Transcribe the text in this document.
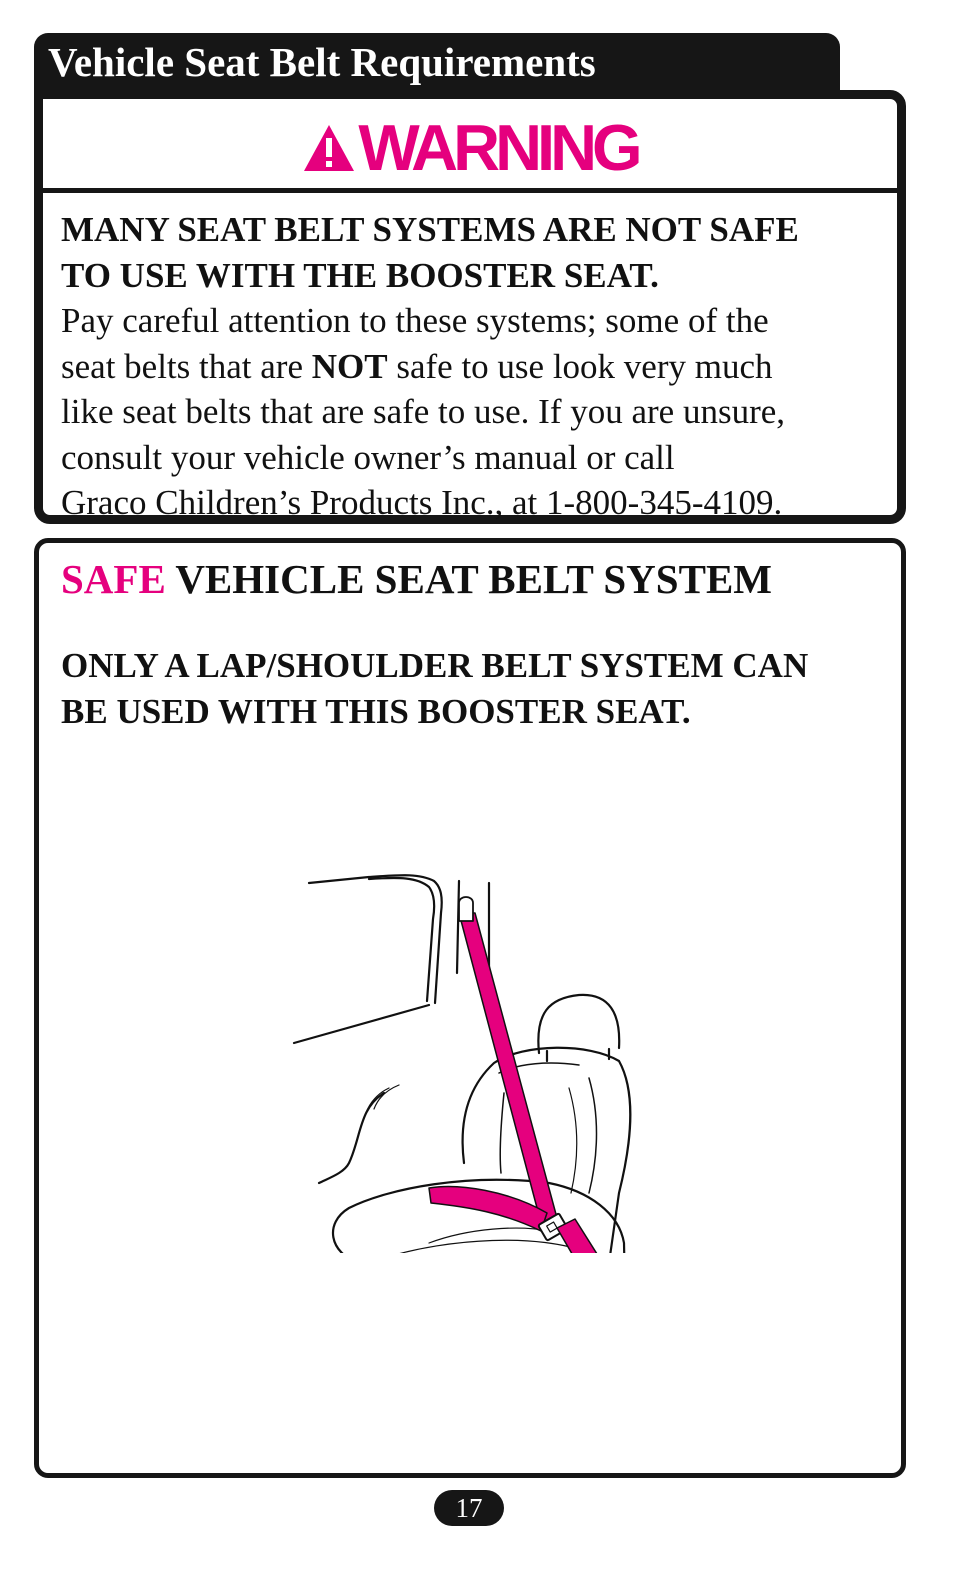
Vehicle Seat Belt Requirements
WARNING
MANY SEAT BELT SYSTEMS ARE NOT SAFE
TO USE WITH THE BOOSTER SEAT.
Pay careful attention to these systems; some of the
seat belts that are NOT safe to use look very much
like seat belts that are safe to use. If you are unsure,
consult your vehicle owner’s manual or call
Graco Children’s Products Inc., at 1-800-345-4109.
SAFE VEHICLE SEAT BELT SYSTEM
ONLY A LAP/SHOULDER BELT SYSTEM CAN
BE USED WITH THIS BOOSTER SEAT.
17
